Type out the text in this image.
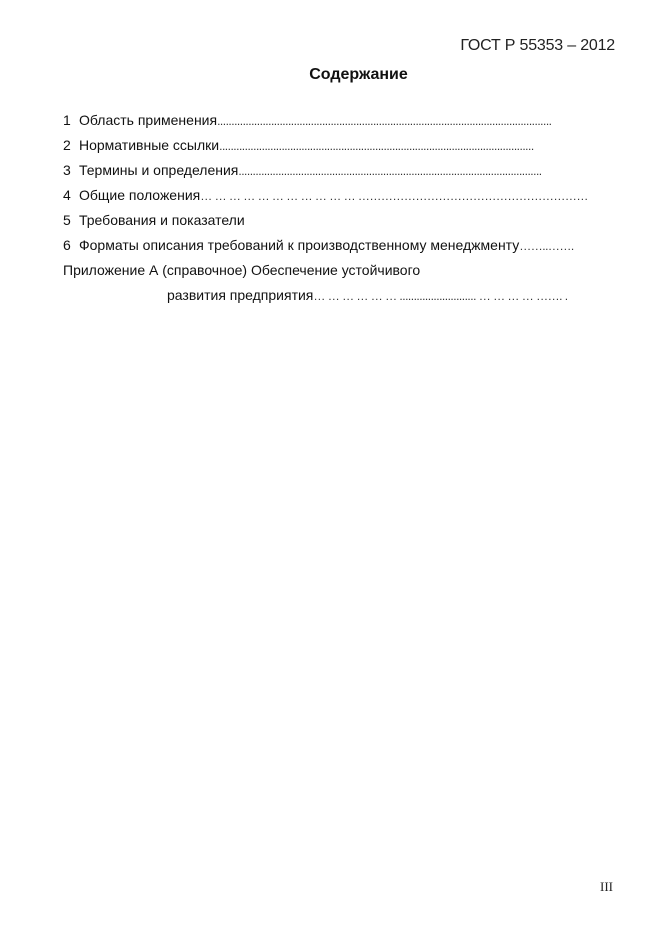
ГОСТ Р 55353 – 2012
Содержание
1 Область применения ......................................................................................................................
2 Нормативные ссылки ...............................................................................................................
3 Термины и определения ...........................................................................................................
4 Общие положения … … … … … … … … … … … ……………………………………………………
5 Требования и показатели
6 Форматы описания требований к производственному менеджменту ……..…….
Приложение А (справочное) Обеспечение устойчивого
развития предприятия … … … … … … ........................... … … … … ……. .
III
